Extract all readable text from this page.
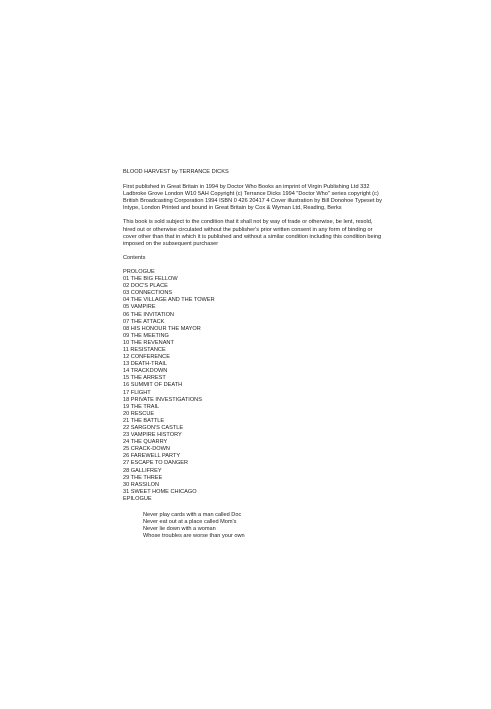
BLOOD HARVEST by TERRANCE DICKS

First published in Great Britain in 1994 by Doctor Who Books an imprint of Virgin Publishing Ltd 332 Ladbroke Grove London W10 5AH Copyright (c) Terrance Dicks 1994 "Doctor Who" series copyright (c) British Broadcasting Corporation 1994 ISBN 0 426 20417 4 Cover illustration by Bill Donohoe Typeset by Intype, London Printed and bound in Great Britain by Cox & Wyman Ltd, Reading, Berks

This book is sold subject to the condition that it shall not by way of trade or otherwise, be lent, resold, hired out or otherwise circulated without the publisher's prior written consent in any form of binding or cover other than that in which it is published and without a similar condition including this condition being imposed on the subsequent purchaser

Contents

PROLOGUE
01 THE BIG FELLOW
02 DOC'S PLACE
03 CONNECTIONS
04 THE VILLAGE AND THE TOWER
05 VAMPIRE
06 THE INVITATION
07 THE ATTACK
08 HIS HONOUR THE MAYOR
09 THE MEETING
10 THE REVENANT
11 RESISTANCE
12 CONFERENCE
13 DEATH-TRAIL
14 TRACKDOWN
15 THE ARREST
16 SUMMIT OF DEATH
17 FLIGHT
18 PRIVATE INVESTIGATIONS
19 THE TRAIL
20 RESCUE
21 THE BATTLE
22 SARGON'S CASTLE
23 VAMPIRE HISTORY
24 THE QUARRY
25 CRACK-DOWN
26 FAREWELL PARTY
27 ESCAPE TO DANGER
28 GALLIFREY
29 THE THREE
30 RASSILON
31 SWEET HOME CHICAGO
EPILOGUE
Never play cards with a man called Doc
Never eat out at a place called Mom's
Never lie down with a woman
Whose troubles are worse than your own
